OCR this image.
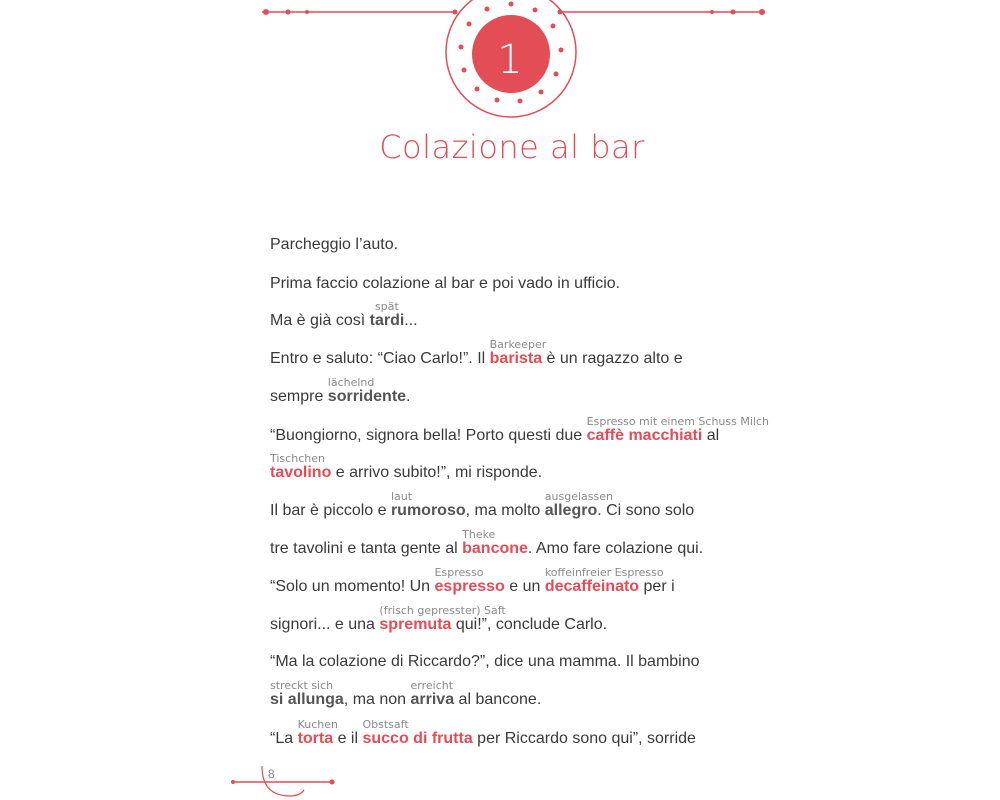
1
Colazione al bar
Parcheggio l’auto.
Prima faccio colazione al bar e poi vado in ufficio.
Ma è già così
spät
tardi...
Entro e saluto: “Ciao Carlo!”. Il
Barkeeper
barista è un ragazzo alto e
sempre
lächelnd
sorridente.
“Buongiorno, signora bella! Porto questi due
Espresso mit einem Schuss Milch
caffè macchiati al
Tischchen
tavolino e arrivo subito!”, mi risponde.
Il bar è piccolo e
laut
rumoroso, ma molto
ausgelassen
allegro. Ci sono solo
tre tavolini e tanta gente al
Theke
bancone. Amo fare colazione qui.
“Solo un momento! Un
Espresso
espresso e un
koffeinfreier Espresso
decaffeinato per i
signori... e una
(frisch gepresster) Saft
spremuta qui!”, conclude Carlo.
“Ma la colazione di Riccardo?”, dice una mamma. Il bambino
streckt sich
si allunga, ma non
erreicht
arriva al bancone.
“La
Kuchen
torta e il
Obstsaft
succo di frutta per Riccardo sono qui”, sorride
8
